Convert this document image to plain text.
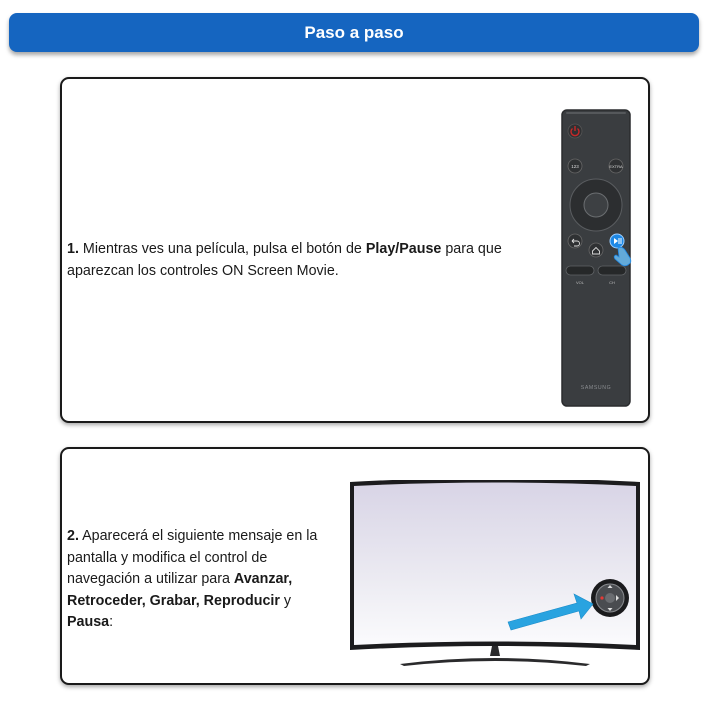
Paso a paso
1. Mientras ves una película, pulsa el botón de Play/Pause para que aparezcan los controles ON Screen Movie.
123	EXTRA
VOL	CH
SAMSUNG
2. Aparecerá el siguiente mensaje en la pantalla y modifica el control de navegación a utilizar para Avanzar, Retroceder, Grabar, Reproducir y Pausa:
